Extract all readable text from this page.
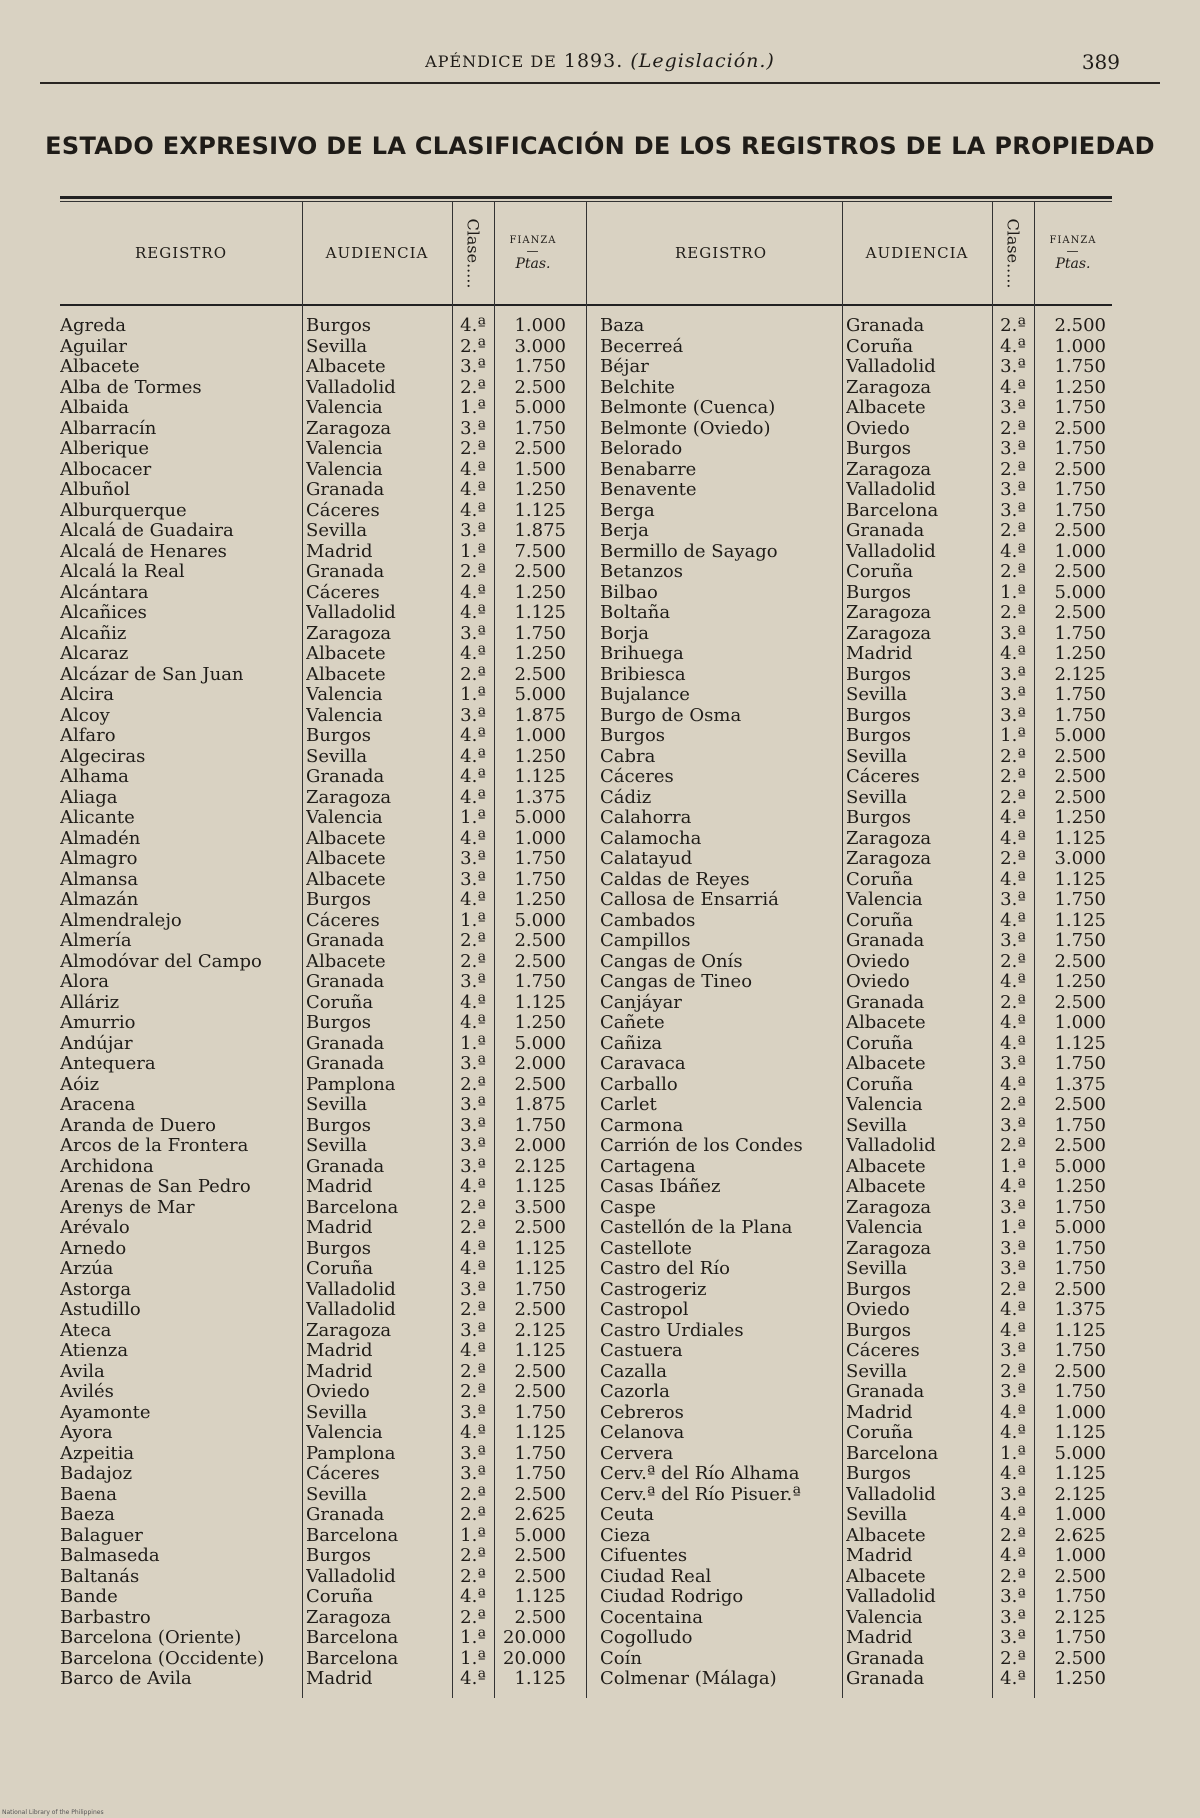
APÉNDICE DE 1893. (Legislación.)	389
ESTADO EXPRESIVO DE LA CLASIFICACIÓN DE LOS REGISTROS DE LA PROPIEDAD
REGISTRO	AUDIENCIA	Clase.....	FIANZA
—
Ptas.
Agreda	Burgos	4.ª	1.000
Aguilar	Sevilla	2.ª	3.000
Albacete	Albacete	3.ª	1.750
Alba de Tormes	Valladolid	2.ª	2.500
Albaida	Valencia	1.ª	5.000
Albarracín	Zaragoza	3.ª	1.750
Alberique	Valencia	2.ª	2.500
Albocacer	Valencia	4.ª	1.500
Albuñol	Granada	4.ª	1.250
Alburquerque	Cáceres	4.ª	1.125
Alcalá de Guadaira	Sevilla	3.ª	1.875
Alcalá de Henares	Madrid	1.ª	7.500
Alcalá la Real	Granada	2.ª	2.500
Alcántara	Cáceres	4.ª	1.250
Alcañices	Valladolid	4.ª	1.125
Alcañiz	Zaragoza	3.ª	1.750
Alcaraz	Albacete	4.ª	1.250
Alcázar de San Juan	Albacete	2.ª	2.500
Alcira	Valencia	1.ª	5.000
Alcoy	Valencia	3.ª	1.875
Alfaro	Burgos	4.ª	1.000
Algeciras	Sevilla	4.ª	1.250
Alhama	Granada	4.ª	1.125
Aliaga	Zaragoza	4.ª	1.375
Alicante	Valencia	1.ª	5.000
Almadén	Albacete	4.ª	1.000
Almagro	Albacete	3.ª	1.750
Almansa	Albacete	3.ª	1.750
Almazán	Burgos	4.ª	1.250
Almendralejo	Cáceres	1.ª	5.000
Almería	Granada	2.ª	2.500
Almodóvar del Campo	Albacete	2.ª	2.500
Alora	Granada	3.ª	1.750
Alláriz	Coruña	4.ª	1.125
Amurrio	Burgos	4.ª	1.250
Andújar	Granada	1.ª	5.000
Antequera	Granada	3.ª	2.000
Aóiz	Pamplona	2.ª	2.500
Aracena	Sevilla	3.ª	1.875
Aranda de Duero	Burgos	3.ª	1.750
Arcos de la Frontera	Sevilla	3.ª	2.000
Archidona	Granada	3.ª	2.125
Arenas de San Pedro	Madrid	4.ª	1.125
Arenys de Mar	Barcelona	2.ª	3.500
Arévalo	Madrid	2.ª	2.500
Arnedo	Burgos	4.ª	1.125
Arzúa	Coruña	4.ª	1.125
Astorga	Valladolid	3.ª	1.750
Astudillo	Valladolid	2.ª	2.500
Ateca	Zaragoza	3.ª	2.125
Atienza	Madrid	4.ª	1.125
Avila	Madrid	2.ª	2.500
Avilés	Oviedo	2.ª	2.500
Ayamonte	Sevilla	3.ª	1.750
Ayora	Valencia	4.ª	1.125
Azpeitia	Pamplona	3.ª	1.750
Badajoz	Cáceres	3.ª	1.750
Baena	Sevilla	2.ª	2.500
Baeza	Granada	2.ª	2.625
Balaguer	Barcelona	1.ª	5.000
Balmaseda	Burgos	2.ª	2.500
Baltanás	Valladolid	2.ª	2.500
Bande	Coruña	4.ª	1.125
Barbastro	Zaragoza	2.ª	2.500
Barcelona (Oriente)	Barcelona	1.ª 20.000
Barcelona (Occidente)	Barcelona	1.ª 20.000
Barco de Avila	Madrid	4.ª	1.125
REGISTRO	AUDIENCIA	Clase.....	FIANZA
—
Ptas.
Baza	Granada	2.ª	2.500
Becerreá	Coruña	4.ª	1.000
Béjar	Valladolid	3.ª	1.750
Belchite	Zaragoza	4.ª	1.250
Belmonte (Cuenca)	Albacete	3.ª	1.750
Belmonte (Oviedo)	Oviedo	2.ª	2.500
Belorado	Burgos	3.ª	1.750
Benabarre	Zaragoza	2.ª	2.500
Benavente	Valladolid	3.ª	1.750
Berga	Barcelona	3.ª	1.750
Berja	Granada	2.ª	2.500
Bermillo de Sayago	Valladolid	4.ª	1.000
Betanzos	Coruña	2.ª	2.500
Bilbao	Burgos	1.ª	5.000
Boltaña	Zaragoza	2.ª	2.500
Borja	Zaragoza	3.ª	1.750
Brihuega	Madrid	4.ª	1.250
Bribiesca	Burgos	3.ª	2.125
Bujalance	Sevilla	3.ª	1.750
Burgo de Osma	Burgos	3.ª	1.750
Burgos	Burgos	1.ª	5.000
Cabra	Sevilla	2.ª	2.500
Cáceres	Cáceres	2.ª	2.500
Cádiz	Sevilla	2.ª	2.500
Calahorra	Burgos	4.ª	1.250
Calamocha	Zaragoza	4.ª	1.125
Calatayud	Zaragoza	2.ª	3.000
Caldas de Reyes	Coruña	4.ª	1.125
Callosa de Ensarriá	Valencia	3.ª	1.750
Cambados	Coruña	4.ª	1.125
Campillos	Granada	3.ª	1.750
Cangas de Onís	Oviedo	2.ª	2.500
Cangas de Tineo	Oviedo	4.ª	1.250
Canjáyar	Granada	2.ª	2.500
Cañete	Albacete	4.ª	1.000
Cañiza	Coruña	4.ª	1.125
Caravaca	Albacete	3.ª	1.750
Carballo	Coruña	4.ª	1.375
Carlet	Valencia	2.ª	2.500
Carmona	Sevilla	3.ª	1.750
Carrión de los Condes	Valladolid	2.ª	2.500
Cartagena	Albacete	1.ª	5.000
Casas Ibáñez	Albacete	4.ª	1.250
Caspe	Zaragoza	3.ª	1.750
Castellón de la Plana	Valencia	1.ª	5.000
Castellote	Zaragoza	3.ª	1.750
Castro del Río	Sevilla	3.ª	1.750
Castrogeriz	Burgos	2.ª	2.500
Castropol	Oviedo	4.ª	1.375
Castro Urdiales	Burgos	4.ª	1.125
Castuera	Cáceres	3.ª	1.750
Cazalla	Sevilla	2.ª	2.500
Cazorla	Granada	3.ª	1.750
Cebreros	Madrid	4.ª	1.000
Celanova	Coruña	4.ª	1.125
Cervera	Barcelona	1.ª	5.000
Cerv.ª del Río Alhama	Burgos	4.ª	1.125
Cerv.ª del Río Pisuer.ª	Valladolid	3.ª	2.125
Ceuta	Sevilla	4.ª	1.000
Cieza	Albacete	2.ª	2.625
Cifuentes	Madrid	4.ª	1.000
Ciudad Real	Albacete	2.ª	2.500
Ciudad Rodrigo	Valladolid	3.ª	1.750
Cocentaina	Valencia	3.ª	2.125
Cogolludo	Madrid	3.ª	1.750
Coín	Granada	2.ª	2.500
Colmenar (Málaga)	Granada	4.ª	1.250
National Library of the Philippines
